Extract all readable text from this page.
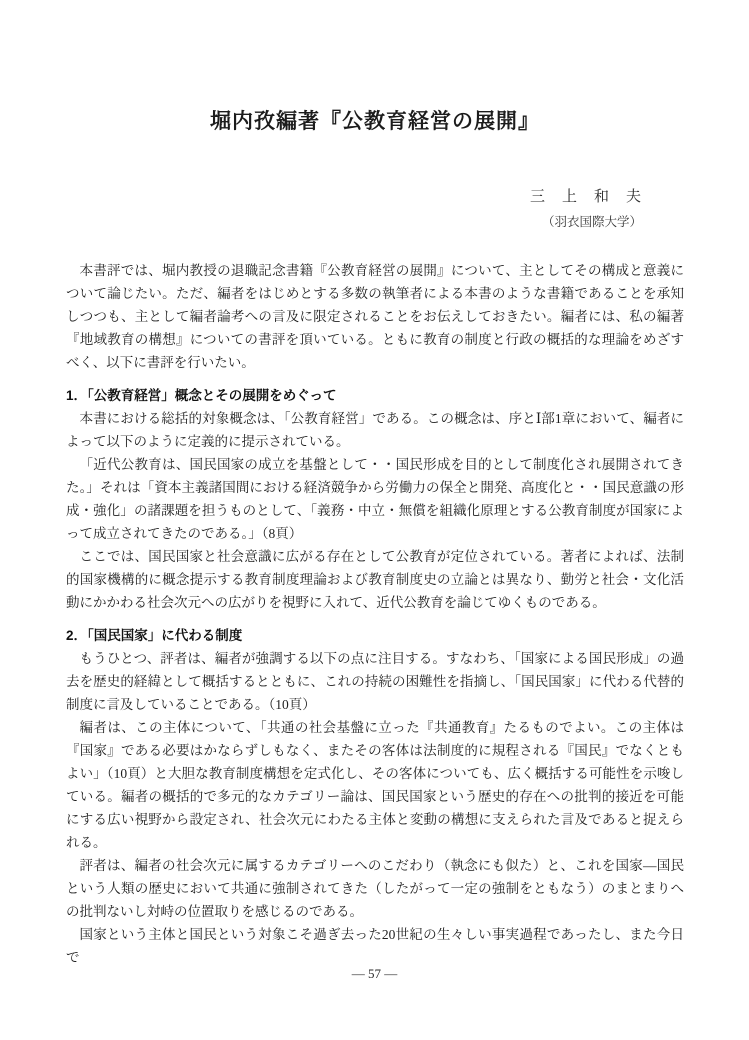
堀内孜編著『公教育経営の展開』
三　上　和　夫
（羽衣国際大学）

本書評では、堀内教授の退職記念書籍『公教育経営の展開』について、主としてその構成と意義について論じたい。ただ、編者をはじめとする多数の執筆者による本書のような書籍であることを承知しつつも、主として編者論考への言及に限定されることをお伝えしておきたい。編者には、私の編著『地域教育の構想』についての書評を頂いている。ともに教育の制度と行政の概括的な理論をめざすべく、以下に書評を行いたい。

1．「公教育経営」概念とその展開をめぐって

本書における総括的対象概念は、「公教育経営」である。この概念は、序とⅠ部1章において、編者によって以下のように定義的に提示されている。

「近代公教育は、国民国家の成立を基盤として・・国民形成を目的として制度化され展開されてきた。」それは「資本主義諸国間における経済競争から労働力の保全と開発、高度化と・・国民意識の形成・強化」の諸課題を担うものとして、「義務・中立・無償を組織化原理とする公教育制度が国家によって成立されてきたのである。」（8頁）

ここでは、国民国家と社会意識に広がる存在として公教育が定位されている。著者によれば、法制的国家機構的に概念提示する教育制度理論および教育制度史の立論とは異なり、勤労と社会・文化活動にかかわる社会次元への広がりを視野に入れて、近代公教育を論じてゆくものである。

2．「国民国家」に代わる制度

もうひとつ、評者は、編者が強調する以下の点に注目する。すなわち、「国家による国民形成」の過去を歴史的経緯として概括するとともに、これの持続の困難性を指摘し、「国民国家」に代わる代替的制度に言及していることである。（10頁）

編者は、この主体について、「共通の社会基盤に立った『共通教育』たるものでよい。この主体は『国家』である必要はかならずしもなく、またその客体は法制度的に規程される『国民』でなくともよい」（10頁）と大胆な教育制度構想を定式化し、その客体についても、広く概括する可能性を示唆している。編者の概括的で多元的なカテゴリー論は、国民国家という歴史的存在への批判的接近を可能にする広い視野から設定され、社会次元にわたる主体と変動の構想に支えられた言及であると捉えられる。

評者は、編者の社会次元に属するカテゴリーへのこだわり（執念にも似た）と、これを国家―国民という人類の歴史において共通に強制されてきた（したがって一定の強制をともなう）のまとまりへの批判ないし対峙の位置取りを感じるのである。

国家という主体と国民という対象こそ過ぎ去った20世紀の生々しい事実過程であったし、また今日で

― 57 ―
